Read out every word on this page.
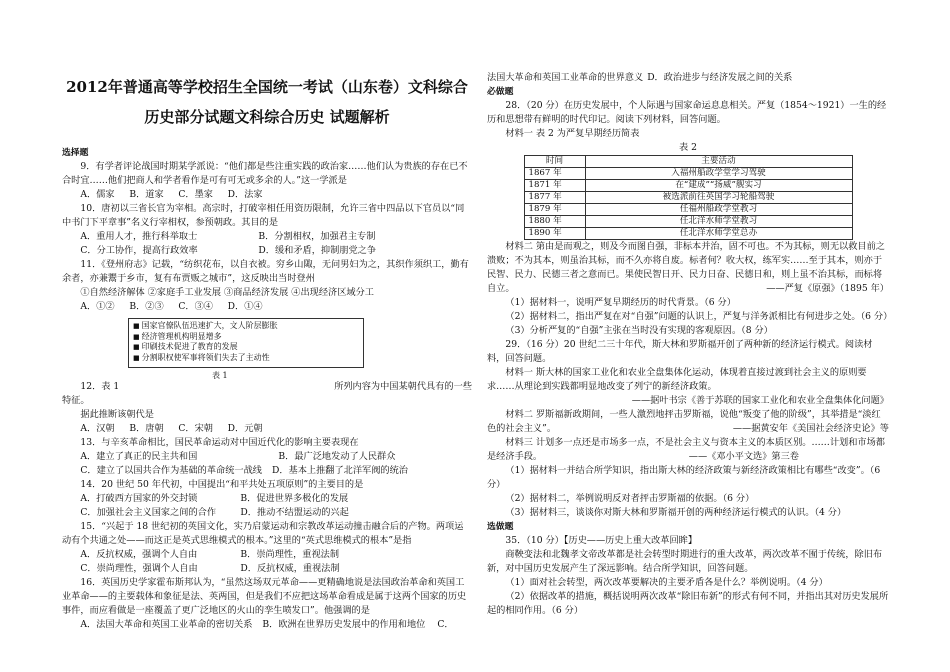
2012年普通高等学校招生全国统一考试（山东卷）文科综合
历史部分试题文科综合历史 试题解析

选择题

9．有学者评论战国时期某学派说：“他们都是些注重实践的政治家……他们认为贵族的存在已不合时宜……他们把商人和学者看作是可有可无或多余的人。”这一学派是

A．儒家 B．道家 C．墨家 D．法家

10．唐初以三省长官为宰相。高宗时，打破宰相任用资历限制，允许三省中四品以下官员以“同中书门下平章事”名义行宰相权，参预朝政。其目的是

A．重用人才，推行科举取士	B．分割相权，加强君主专制

C．分工协作，提高行政效率	D．缓和矛盾，抑制朋党之争

11．《登州府志》记载，“纺织花布，以自衣被。穷乡山陬，无问男妇为之，其织作须织工，勤有余者，亦兼鬻于乡市，复有布贾贩之城市”，这反映出当时登州

①自然经济解体 ②家庭手工业发展 ③商品经济发展 ④出现经济区域分工

A．①② B．②③ C．③④ D．①④

■ 国家官僚队伍迅速扩大，文人阶层膨胀
■ 经济管理机构明显增多
■ 印刷技术促进了教育的发展
■ 分割职权使军事将领们失去了主动性
表 1

12．表 1	所列内容为中国某朝代具有的一些

特征。

据此推断该朝代是

A．汉朝 B．唐朝 C．宋朝 D．元朝

13．与辛亥革命相比，国民革命运动对中国近代化的影响主要表现在

A．建立了真正的民主共和国	B．最广泛地发动了人民群众

C．建立了以国共合作为基础的革命统一战线 D．基本上推翻了北洋军阀的统治

14．20 世纪 50 年代初，中国提出“和平共处五项原则”的主要目的是

A．打破西方国家的外交封锁	B．促进世界多极化的发展

C．加强社会主义国家之间的合作	D．推动不结盟运动的兴起

15．“兴起于 18 世纪初的英国文化，实乃启蒙运动和宗教改革运动撞击融合后的产物。两项运动有个共通之处——而这正是英式思维模式的根本。”这里的“英式思维模式的根本”是指

A．反抗权威，强调个人自由	B．崇尚理性，重视法制

C．崇尚理性，强调个人自由	D．反抗权威，重视法制

16．英国历史学家霍布斯邦认为，“虽然这场双元革命——更精确地说是法国政治革命和英国工业革命——的主要载体和象征是法、英两国，但是我们不应把这场革命看成是属于这两个国家的历史事件，而应看做是一座覆盖了更广泛地区的火山的孪生喷发口”。他强调的是

A．法国大革命和英国工业革命的密切关系 B．欧洲在世界历史发展中的作用和地位 C．

法国大革命和英国工业革命的世界意义 D．政治进步与经济发展之间的关系

必做题

28．（20 分）在历史发展中，个人际遇与国家命运息息相关。严复（1854～1921）一生的经历和思想带有鲜明的时代印记。阅读下列材料，回答问题。

材料一 表 2 为严复早期经历简表

表 2

时间	主要活动
1867 年	入福州船政学堂学习驾驶
1871 年	在“建成”“扬威”舰实习
1877 年	被选派前往英国学习轮船驾驶
1879 年	任福州船政学堂教习
1880 年	任北洋水师学堂教习
1890 年	任北洋水师学堂总办

材料二 第由是而观之，则及今而图自强，非标本并治，固不可也。不为其标，则无以救目前之溃败；不为其本，则虽治其标，而不久亦将自废。标者何？收大权，练军实……至于其本，则亦于民智、民力、民德三者之意而已。果使民智日开、民力日奋、民德日和，则上虽不治其标，而标将自立。	——严复《原强》（1895 年）

（1）据材料一，说明严复早期经历的时代背景。（6 分）

（2）据材料二，指出严复在对“自强”问题的认识上，严复与洋务派相比有何进步之处。（6 分）

（3）分析严复的“自强”主张在当时没有实现的客观原因。（8 分）

29．（16 分）20 世纪二三十年代，斯大林和罗斯福开创了两种新的经济运行模式。阅读材料，回答问题。

材料一 斯大林的国家工业化和农业全盘集体化运动，体现着直接过渡到社会主义的原则要求……从理论到实践都明显地改变了列宁的新经济政策。

——据叶书宗《善于苏联的国家工业化和农业全盘集体化问题》

材料二 罗斯福新政期间，一些人激烈地抨击罗斯福，说他“叛变了他的阶级”，其举措是“淡红色的社会主义”。	——据黄安年《美国社会经济史论》等

材料三 计划多一点还是市场多一点，不是社会主义与资本主义的本质区别。……计划和市场都是经济手段。	——《邓小平文选》第三卷

（1）据材料一并结合所学知识，指出斯大林的经济政策与新经济政策相比有哪些“改变”。（6 分）

（2）据材料二，举例说明反对者抨击罗斯福的依据。（6 分）

（3）据材料三，谈谈你对斯大林和罗斯福开创的两种经济运行模式的认识。（4 分）

选做题

35．（10 分）【历史——历史上重大改革回眸】

商鞅变法和北魏孝文帝改革都是社会转型时期进行的重大改革，两次改革不囿于传统，除旧布新，对中国历史发展产生了深远影响。结合所学知识，回答问题。

（1）面对社会转型，两次改革要解决的主要矛盾各是什么？举例说明。（4 分）

（2）依据改革的措施，概括说明两次改革“除旧布新”的形式有何不同，并指出其对历史发展所起的相同作用。（6 分）
